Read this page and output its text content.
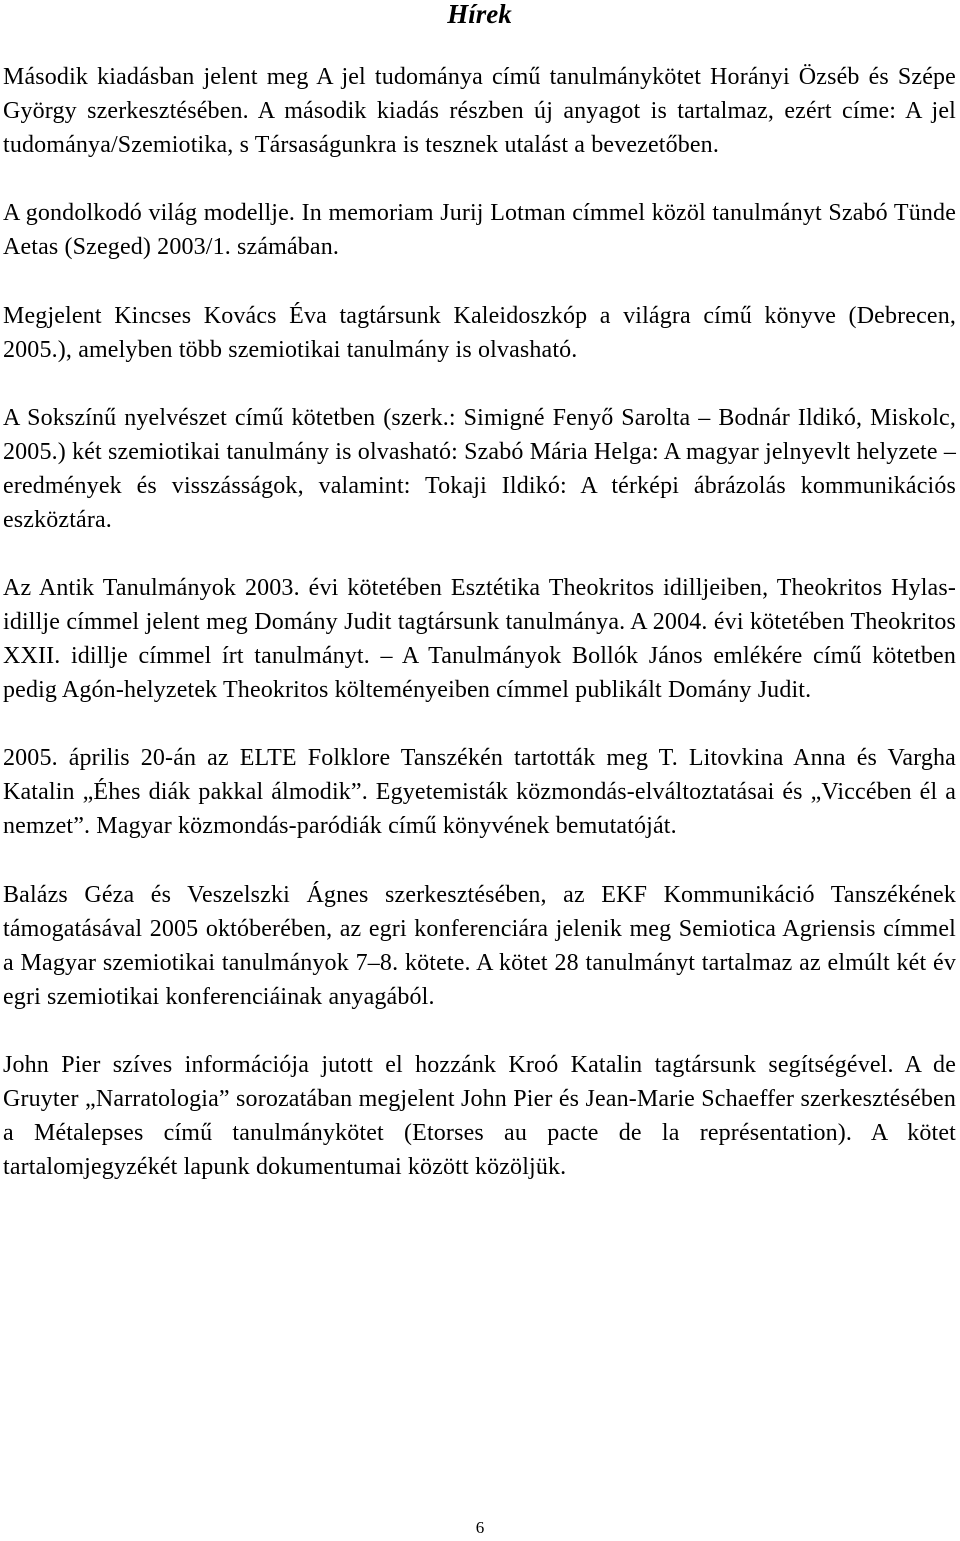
Hírek

Második kiadásban jelent meg A jel tudománya című tanulmánykötet Horányi Özséb és Szépe György szerkesztésében. A második kiadás részben új anyagot is tartalmaz, ezért címe: A jel tudománya/Szemiotika, s Társaságunkra is tesznek utalást a bevezetőben.

A gondolkodó világ modellje. In memoriam Jurij Lotman címmel közöl tanulmányt Szabó Tünde Aetas (Szeged) 2003/1. számában.

Megjelent Kincses Kovács Éva tagtársunk Kaleidoszkóp a világra című könyve (Debrecen, 2005.), amelyben több szemiotikai tanulmány is olvasható.

A Sokszínű nyelvészet című kötetben (szerk.: Simigné Fenyő Sarolta – Bodnár Ildikó, Miskolc, 2005.) két szemiotikai tanulmány is olvasható: Szabó Mária Helga: A magyar jelnyevlt helyzete – eredmények és visszásságok, valamint: Tokaji Ildikó: A térképi ábrázolás kommunikációs eszköztára.

Az Antik Tanulmányok 2003. évi kötetében Esztétika Theokritos idilljeiben, Theokritos Hylas-idillje címmel jelent meg Domány Judit tagtársunk tanulmánya. A 2004. évi kötetében Theokritos XXII. idillje címmel írt tanulmányt. – A Tanulmányok Bollók János emlékére című kötetben pedig Agón-helyzetek Theokritos költeményeiben címmel publikált Domány Judit.

2005. április 20-án az ELTE Folklore Tanszékén tartották meg T. Litovkina Anna és Vargha Katalin „Éhes diák pakkal álmodik”. Egyetemisták közmondás-elváltoztatásai és „Viccében él a nemzet”. Magyar közmondás-paródiák című könyvének bemutatóját.

Balázs Géza és Veszelszki Ágnes szerkesztésében, az EKF Kommunikáció Tanszékének támogatásával 2005 októberében, az egri konferenciára jelenik meg Semiotica Agriensis címmel a Magyar szemiotikai tanulmányok 7–8. kötete. A kötet 28 tanulmányt tartalmaz az elmúlt két év egri szemiotikai konferenciáinak anyagából.

John Pier szíves információja jutott el hozzánk Kroó Katalin tagtársunk segítségével. A de Gruyter „Narratologia” sorozatában megjelent John Pier és Jean-Marie Schaeffer szerkesztésében a Métalepses című tanulmánykötet (Etorses au pacte de la représentation). A kötet tartalomjegyzékét lapunk dokumentumai között közöljük.

6
